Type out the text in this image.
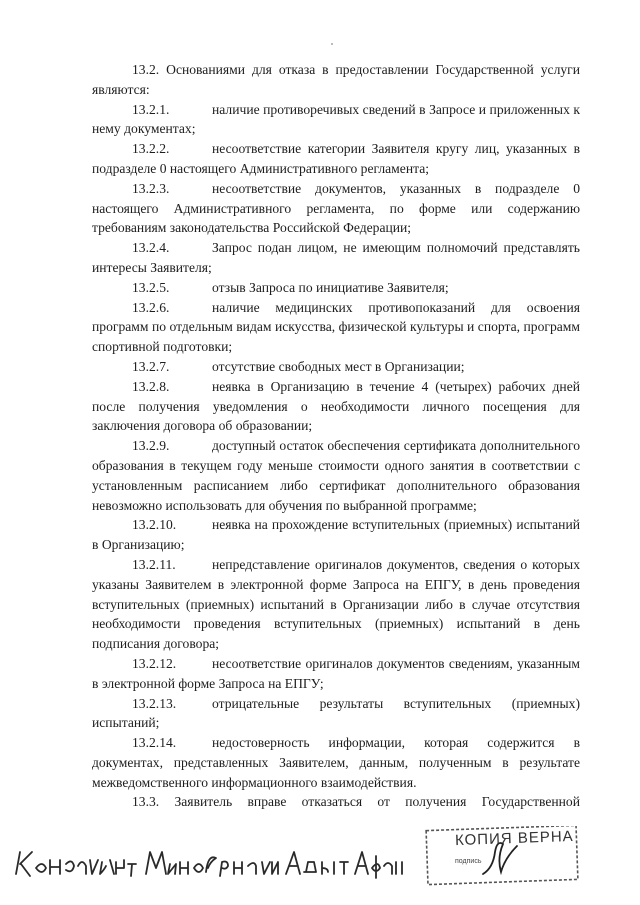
13.2. Основаниями для отказа в предоставлении Государственной услуги являются:

13.2.1.	наличие противоречивых сведений в Запросе и приложенных к нему документах;

13.2.2.	несоответствие категории Заявителя кругу лиц, указанных в подразделе 0 настоящего Административного регламента;

13.2.3.	несоответствие документов, указанных в подразделе 0 настоящего Административного регламента, по форме или содержанию требованиям законодательства Российской Федерации;

13.2.4.	Запрос подан лицом, не имеющим полномочий представлять интересы Заявителя;

13.2.5.	отзыв Запроса по инициативе Заявителя;

13.2.6.	наличие медицинских противопоказаний для освоения программ по отдельным видам искусства, физической культуры и спорта, программ спортивной подготовки;

13.2.7.	отсутствие свободных мест в Организации;

13.2.8.	неявка в Организацию в течение 4 (четырех) рабочих дней после получения уведомления о необходимости личного посещения для заключения договора об образовании;

13.2.9.	доступный остаток обеспечения сертификата дополнительного образования в текущем году меньше стоимости одного занятия в соответствии с установленным расписанием либо сертификат дополнительного образования невозможно использовать для обучения по выбранной программе;

13.2.10.	неявка на прохождение вступительных (приемных) испытаний в Организацию;

13.2.11.	непредставление оригиналов документов, сведения о которых указаны Заявителем в электронной форме Запроса на ЕПГУ, в день проведения вступительных (приемных) испытаний в Организации либо в случае отсутствия необходимости проведения вступительных (приемных) испытаний в день подписания договора;

13.2.12.	несоответствие оригиналов документов сведениям, указанным в электронной форме Запроса на ЕПГУ;

13.2.13.	отрицательные результаты вступительных (приемных) испытаний;

13.2.14.	недостоверность информации, которая содержится в документах, представленных Заявителем, данным, полученным в результате межведомственного информационного взаимодействия.

13.3. Заявитель вправе отказаться от получения Государственной

КОПИЯ ВЕРНА
подпись
